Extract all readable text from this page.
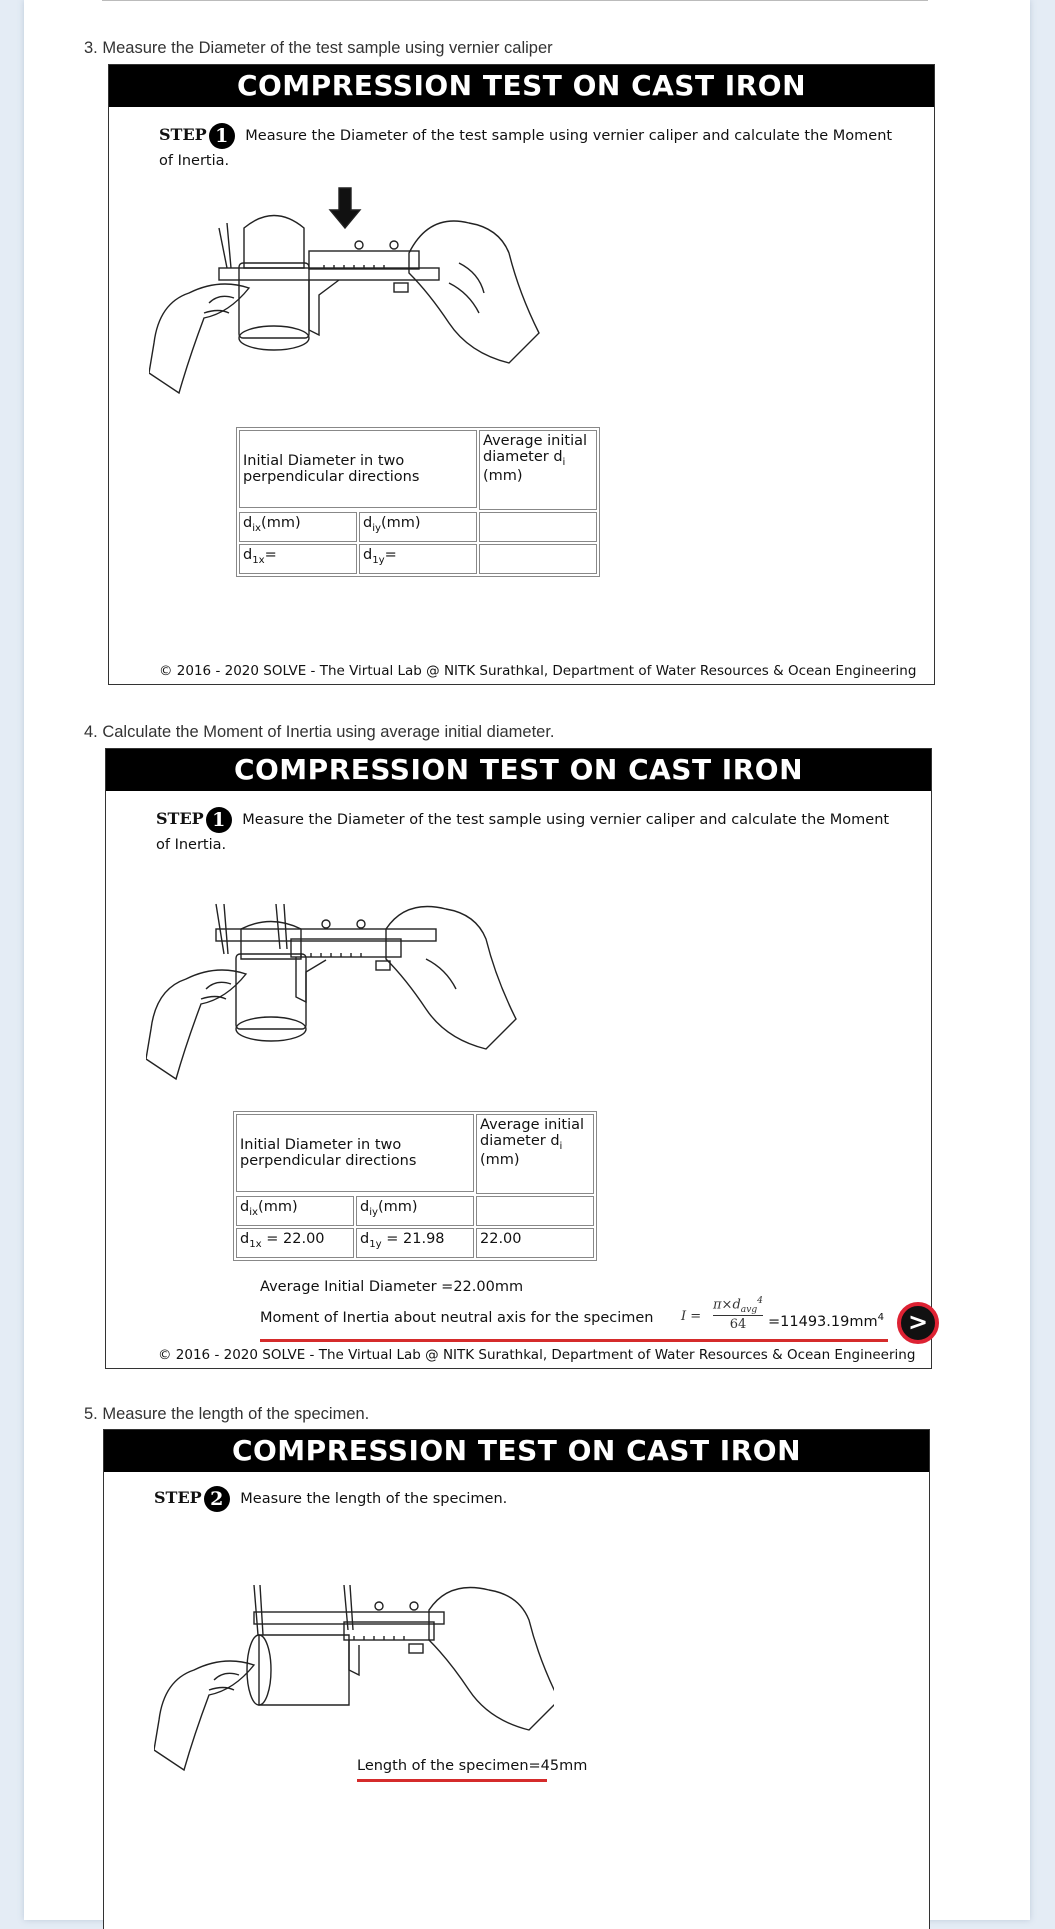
3. Measure the Diameter of the test sample using vernier caliper
COMPRESSION TEST ON CAST IRON
STEP 1 Measure the Diameter of the test sample using vernier caliper and calculate the Moment of Inertia.
Initial Diameter in two perpendicular directions		Average initial diameter $d_i$
(mm)

$d_{ix}(mm)$	$d_{iy}(mm)$	
$d_{1x}=$	$d_{1y}=$	
© 2016 - 2020 SOLVE - The Virtual Lab @ NITK Surathkal, Department of Water Resources & Ocean Engineering
4. Calculate the Moment of Inertia using average initial diameter.
COMPRESSION TEST ON CAST IRON
STEP 1 Measure the Diameter of the test sample using vernier caliper and calculate the Moment of Inertia.
Initial Diameter in two perpendicular directions		Average initial diameter $d_i$
(mm)

$d_{ix}(mm)$	$d_{iy}(mm)$	
$d_{1x} = 22.00$	$d_{1y} = 21.98$	22.00
Average Initial Diameter =22.00mm
Moment of Inertia about neutral axis for the specimen I =
$\pi\times d_{avg}^4$
64	$=11493.19mm^4$ >
© 2016 - 2020 SOLVE - The Virtual Lab @ NITK Surathkal, Department of Water Resources & Ocean Engineering
5. Measure the length of the specimen.
COMPRESSION TEST ON CAST IRON
STEP 2 Measure the length of the specimen.
Length of the specimen=45mm
